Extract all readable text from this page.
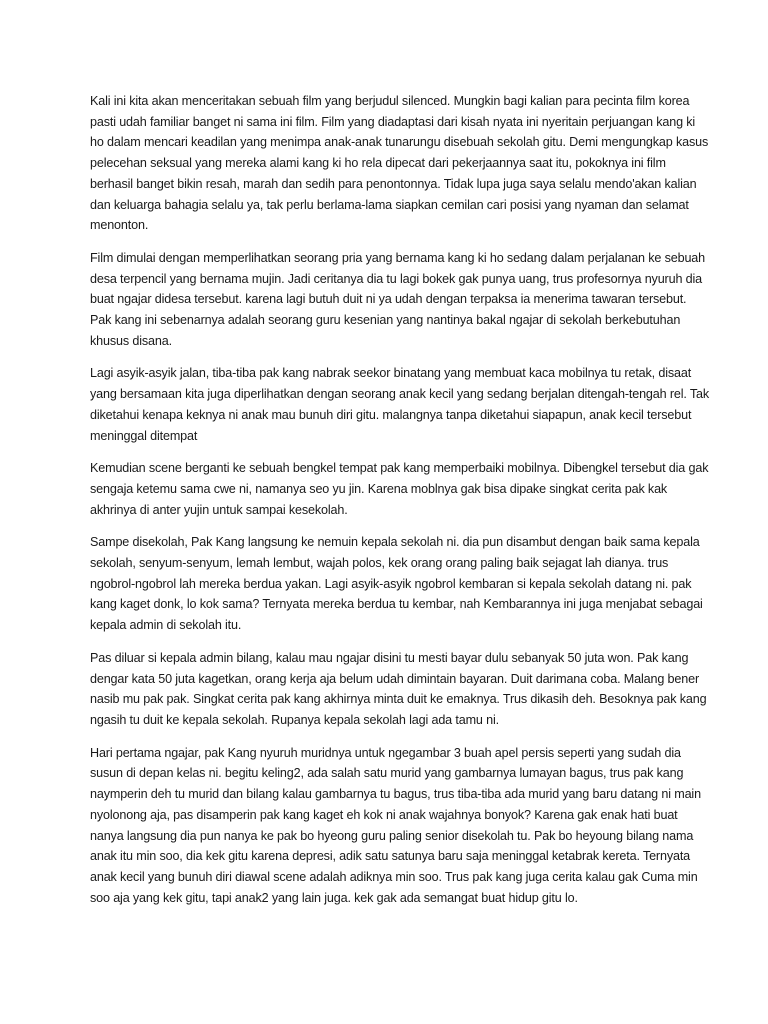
Kali ini kita akan menceritakan sebuah film yang berjudul silenced. Mungkin bagi kalian para pecinta film korea pasti udah familiar banget ni sama ini film. Film yang diadaptasi dari kisah nyata ini nyeritain perjuangan kang ki ho dalam mencari keadilan yang menimpa anak-anak tunarungu disebuah sekolah gitu. Demi mengungkap kasus pelecehan seksual yang mereka alami kang ki ho rela dipecat dari pekerjaannya saat itu, pokoknya ini film berhasil banget bikin resah, marah dan sedih para penontonnya. Tidak lupa juga saya selalu mendo'akan kalian dan keluarga bahagia selalu ya, tak perlu berlama-lama siapkan cemilan cari posisi yang nyaman dan selamat menonton.

Film dimulai dengan memperlihatkan seorang pria yang bernama kang ki ho sedang dalam perjalanan ke sebuah desa terpencil yang bernama mujin. Jadi ceritanya dia tu lagi bokek gak punya uang, trus profesornya nyuruh dia buat ngajar didesa tersebut. karena lagi butuh duit ni ya udah dengan terpaksa ia menerima tawaran tersebut. Pak kang ini sebenarnya adalah seorang guru kesenian yang nantinya bakal ngajar di sekolah berkebutuhan khusus disana.

Lagi asyik-asyik jalan, tiba-tiba pak kang nabrak seekor binatang yang membuat kaca mobilnya tu retak, disaat yang bersamaan kita juga diperlihatkan dengan seorang anak kecil yang sedang berjalan ditengah-tengah rel. Tak diketahui kenapa keknya ni anak mau bunuh diri gitu. malangnya tanpa diketahui siapapun, anak kecil tersebut meninggal ditempat

Kemudian scene berganti ke sebuah bengkel tempat pak kang memperbaiki mobilnya. Dibengkel tersebut dia gak sengaja ketemu sama cwe ni, namanya seo yu jin. Karena moblnya gak bisa dipake singkat cerita pak kak akhrinya di anter yujin untuk sampai kesekolah.

Sampe disekolah, Pak Kang langsung ke nemuin kepala sekolah ni. dia pun disambut dengan baik sama kepala sekolah, senyum-senyum, lemah lembut, wajah polos, kek orang orang paling baik sejagat lah dianya. trus ngobrol-ngobrol lah mereka berdua yakan. Lagi asyik-asyik ngobrol kembaran si kepala sekolah datang ni. pak kang kaget donk, lo kok sama? Ternyata mereka berdua tu kembar, nah Kembarannya ini juga menjabat sebagai kepala admin di sekolah itu.

Pas diluar si kepala admin bilang, kalau mau ngajar disini tu mesti bayar dulu sebanyak 50 juta won. Pak kang dengar kata 50 juta kagetkan, orang kerja aja belum udah dimintain bayaran. Duit darimana coba. Malang bener nasib mu pak pak. Singkat cerita pak kang akhirnya minta duit ke emaknya. Trus dikasih deh. Besoknya pak kang ngasih tu duit ke kepala sekolah. Rupanya kepala sekolah lagi ada tamu ni.

Hari pertama ngajar, pak Kang nyuruh muridnya untuk ngegambar 3 buah apel persis seperti yang sudah dia susun di depan kelas ni. begitu keling2, ada salah satu murid yang gambarnya lumayan bagus, trus pak kang naymperin deh tu murid dan bilang kalau gambarnya tu bagus, trus tiba-tiba ada murid yang baru datang ni main nyolonong aja, pas disamperin pak kang kaget eh kok ni anak wajahnya bonyok? Karena gak enak hati buat nanya langsung dia pun nanya ke pak bo hyeong guru paling senior disekolah tu. Pak bo heyoung bilang nama anak itu min soo, dia kek gitu karena depresi, adik satu satunya baru saja meninggal ketabrak kereta. Ternyata anak kecil yang bunuh diri diawal scene adalah adiknya min soo. Trus pak kang juga cerita kalau gak Cuma min soo aja yang kek gitu, tapi anak2 yang lain juga. kek gak ada semangat buat hidup gitu lo.
